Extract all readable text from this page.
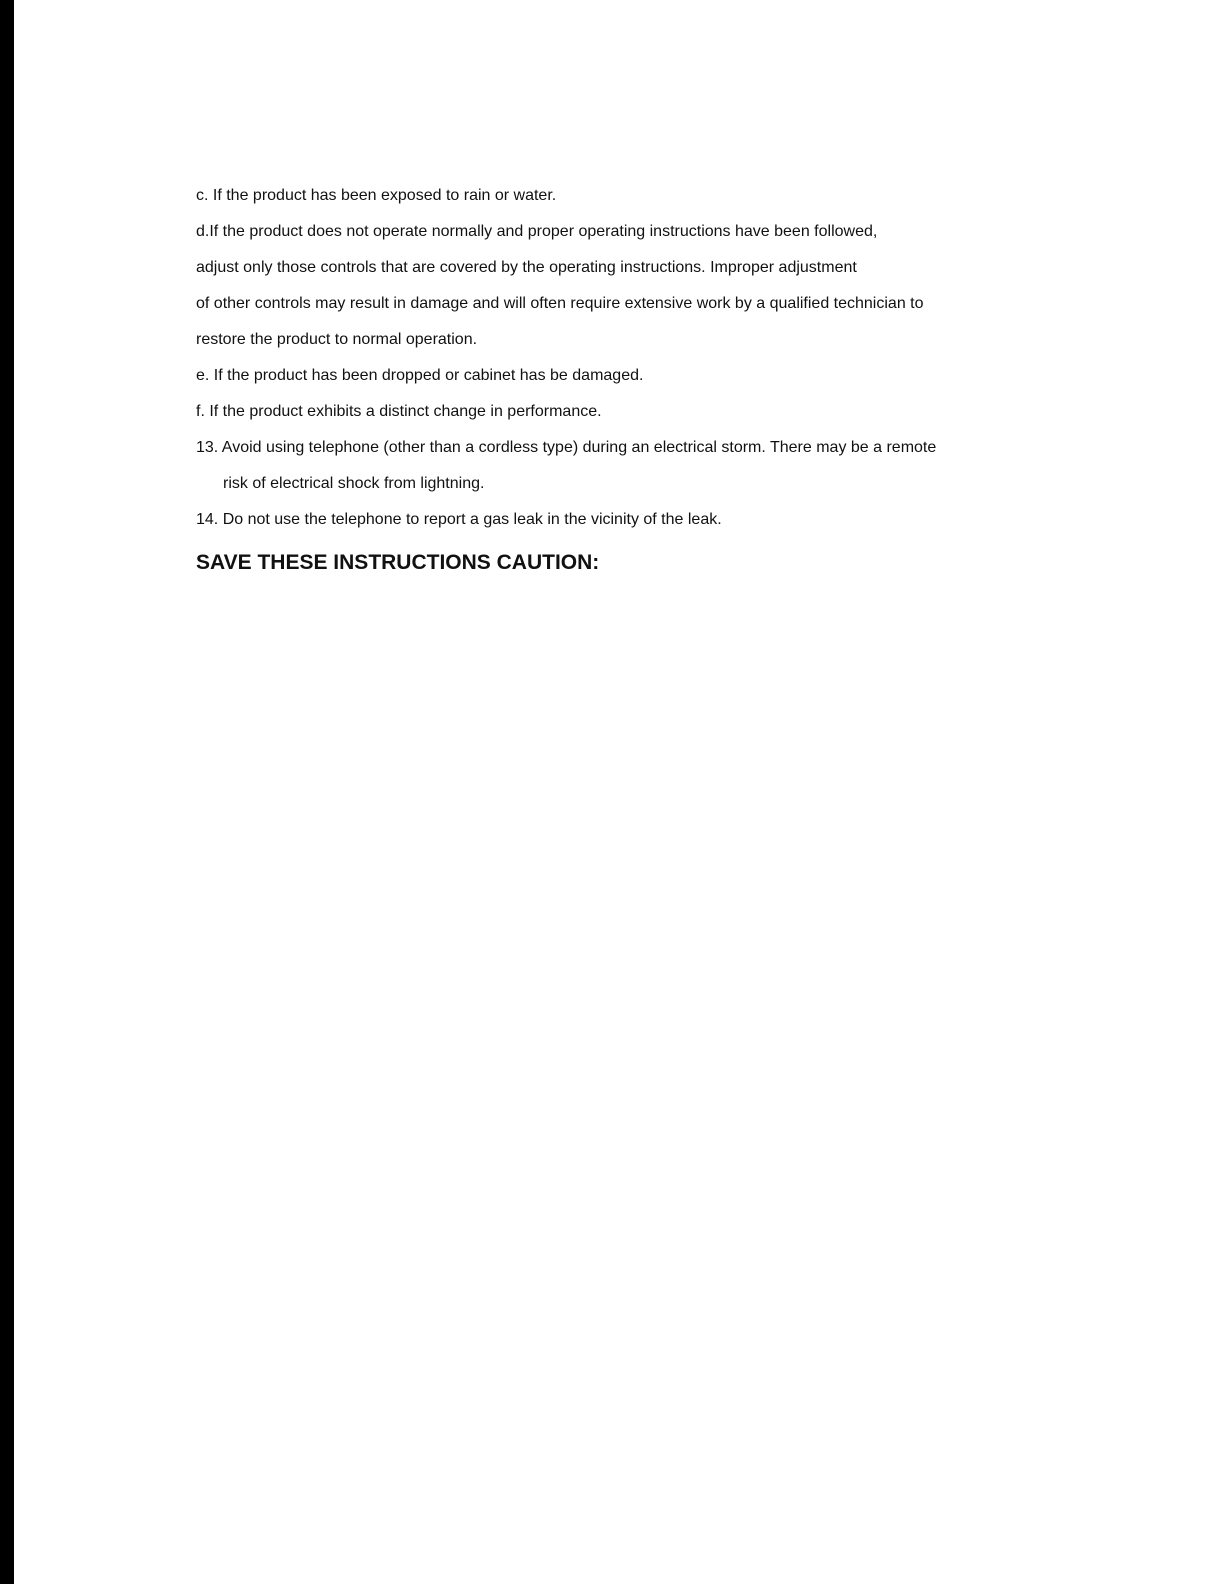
c. If the product has been exposed to rain or water.
d.If the product does not operate normally and proper operating instructions have been followed,
adjust only those controls that are covered by the operating instructions. Improper adjustment
of other controls may result in damage and will often require extensive work by a qualified technician to
restore the product to normal operation.
e. If the product has been dropped or cabinet has be damaged.
f. If the product exhibits a distinct change in performance.
13. Avoid using telephone (other than a cordless type) during an electrical storm. There may be a remote
risk of electrical shock from lightning.
14. Do not use the telephone to report a gas leak in the vicinity of the leak.
SAVE THESE INSTRUCTIONS CAUTION:
